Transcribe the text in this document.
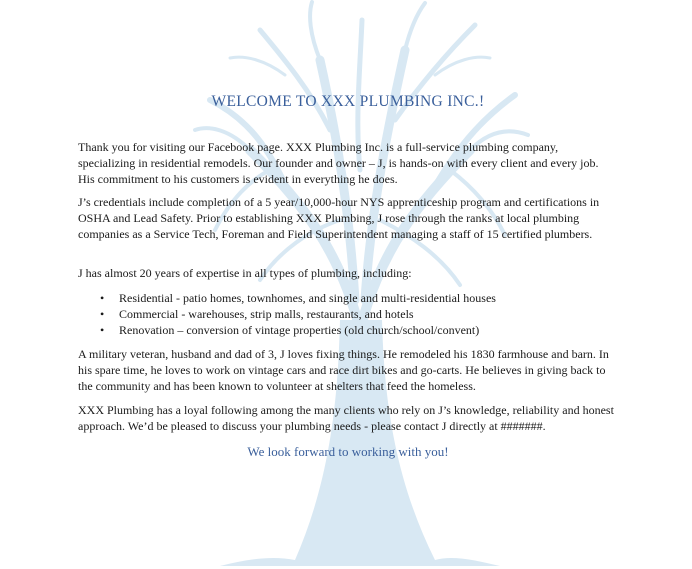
WELCOME TO XXX PLUMBING INC.!

Thank you for visiting our Facebook page. XXX Plumbing Inc. is a full-service plumbing company, specializing in residential remodels. Our founder and owner – J, is hands-on with every client and every job. His commitment to his customers is evident in everything he does.

J’s credentials include completion of a 5 year/10,000-hour NYS apprenticeship program and certifications in OSHA and Lead Safety. Prior to establishing XXX Plumbing, J rose through the ranks at local plumbing companies as a Service Tech, Foreman and Field Superintendent managing a staff of 15 certified plumbers.

J has almost 20 years of expertise in all types of plumbing, including:

• Residential - patio homes, townhomes, and single and multi-residential houses
• Commercial - warehouses, strip malls, restaurants, and hotels
• Renovation – conversion of vintage properties (old church/school/convent)

A military veteran, husband and dad of 3, J loves fixing things. He remodeled his 1830 farmhouse and barn. In his spare time, he loves to work on vintage cars and race dirt bikes and go-carts. He believes in giving back to the community and has been known to volunteer at shelters that feed the homeless.

XXX Plumbing has a loyal following among the many clients who rely on J’s knowledge, reliability and honest approach. We’d be pleased to discuss your plumbing needs - please contact J directly at #######.

We look forward to working with you!
